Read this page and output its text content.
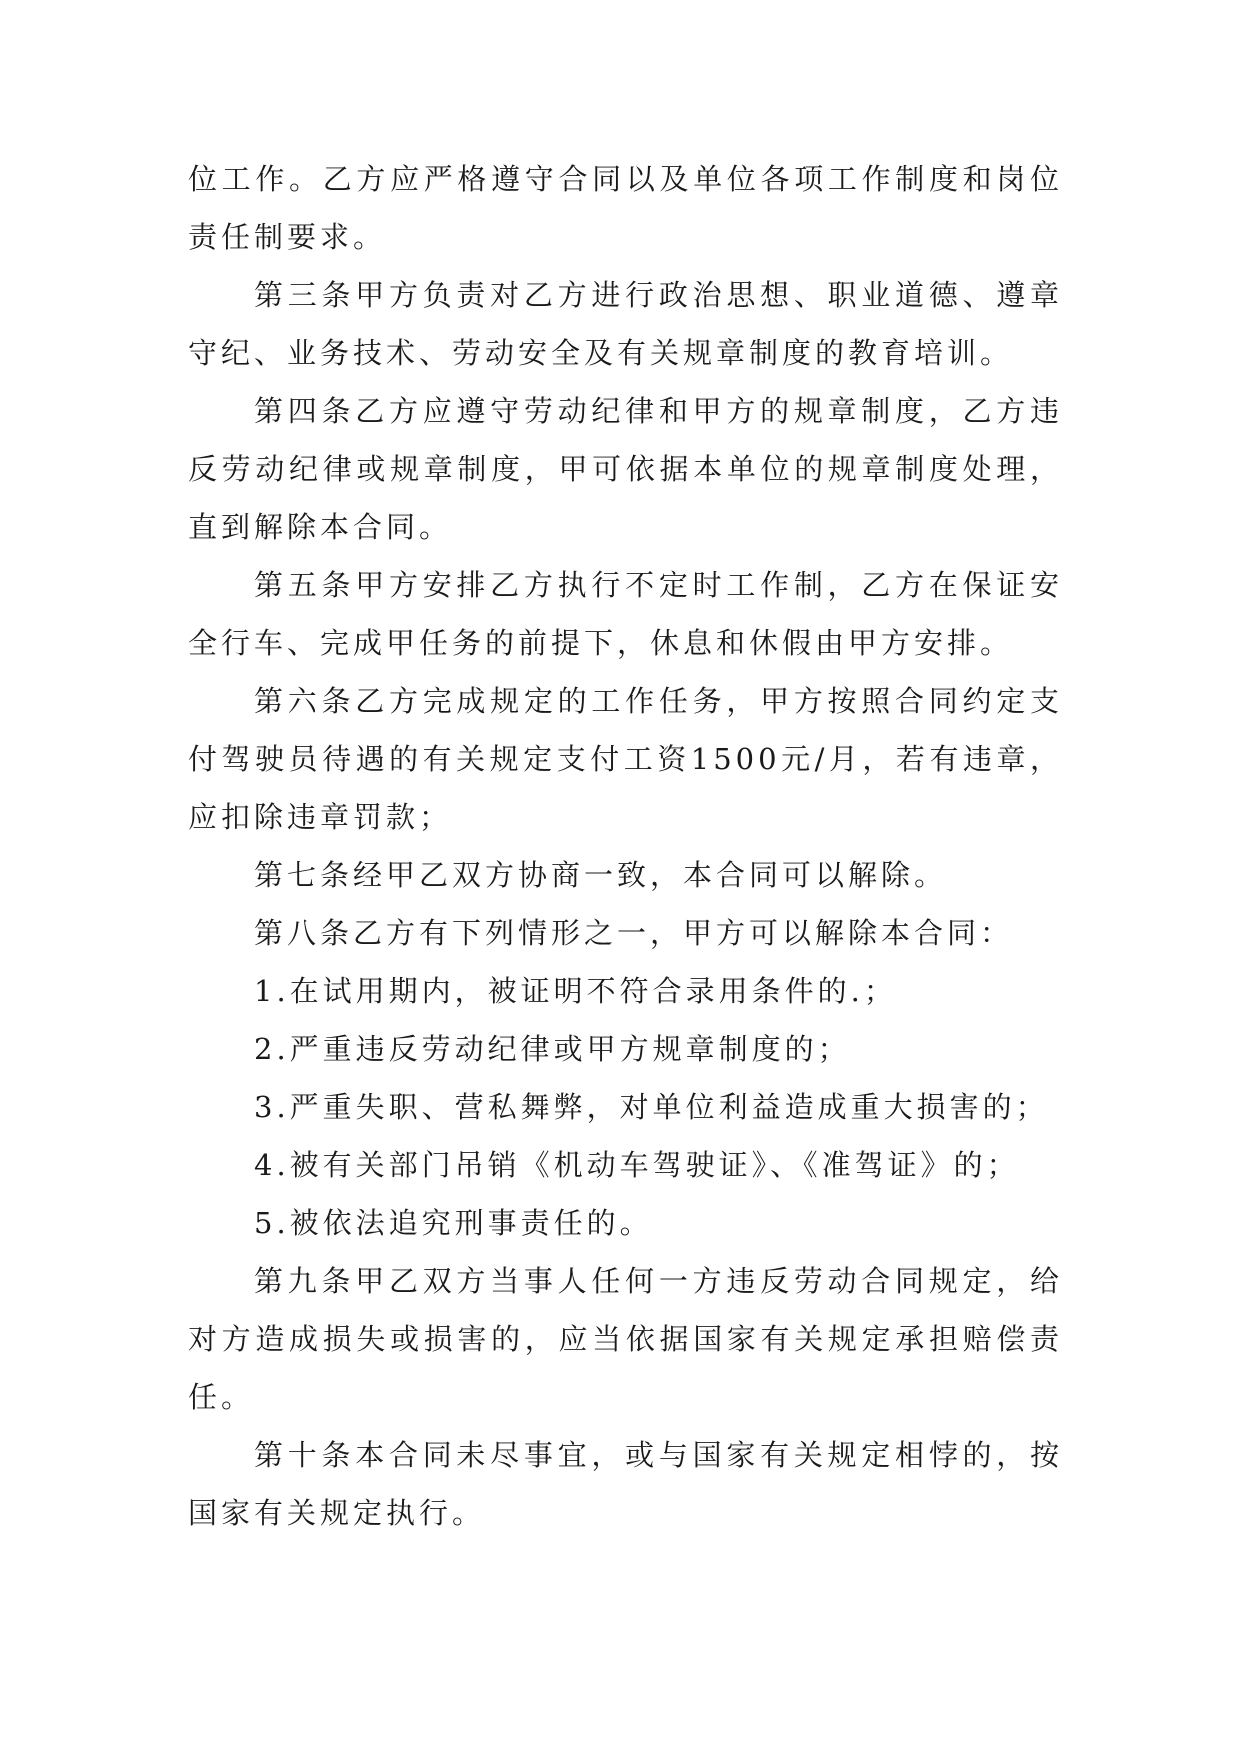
位工作。乙方应严格遵守合同以及单位各项工作制度和岗位责任制要求。

第三条甲方负责对乙方进行政治思想、职业道德、遵章守纪、业务技术、劳动安全及有关规章制度的教育培训。

第四条乙方应遵守劳动纪律和甲方的规章制度，乙方违反劳动纪律或规章制度，甲可依据本单位的规章制度处理，直到解除本合同。

第五条甲方安排乙方执行不定时工作制，乙方在保证安全行车、完成甲任务的前提下，休息和休假由甲方安排。

第六条乙方完成规定的工作任务，甲方按照合同约定支付驾驶员待遇的有关规定支付工资1500元/月，若有违章，应扣除违章罚款；

第七条经甲乙双方协商一致，本合同可以解除。

第八条乙方有下列情形之一，甲方可以解除本合同：

1.在试用期内，被证明不符合录用条件的.；

2.严重违反劳动纪律或甲方规章制度的；

3.严重失职、营私舞弊，对单位利益造成重大损害的；

4.被有关部门吊销《机动车驾驶证》、《准驾证》的；

5.被依法追究刑事责任的。

第九条甲乙双方当事人任何一方违反劳动合同规定，给对方造成损失或损害的，应当依据国家有关规定承担赔偿责任。

第十条本合同未尽事宜，或与国家有关规定相悖的，按国家有关规定执行。
